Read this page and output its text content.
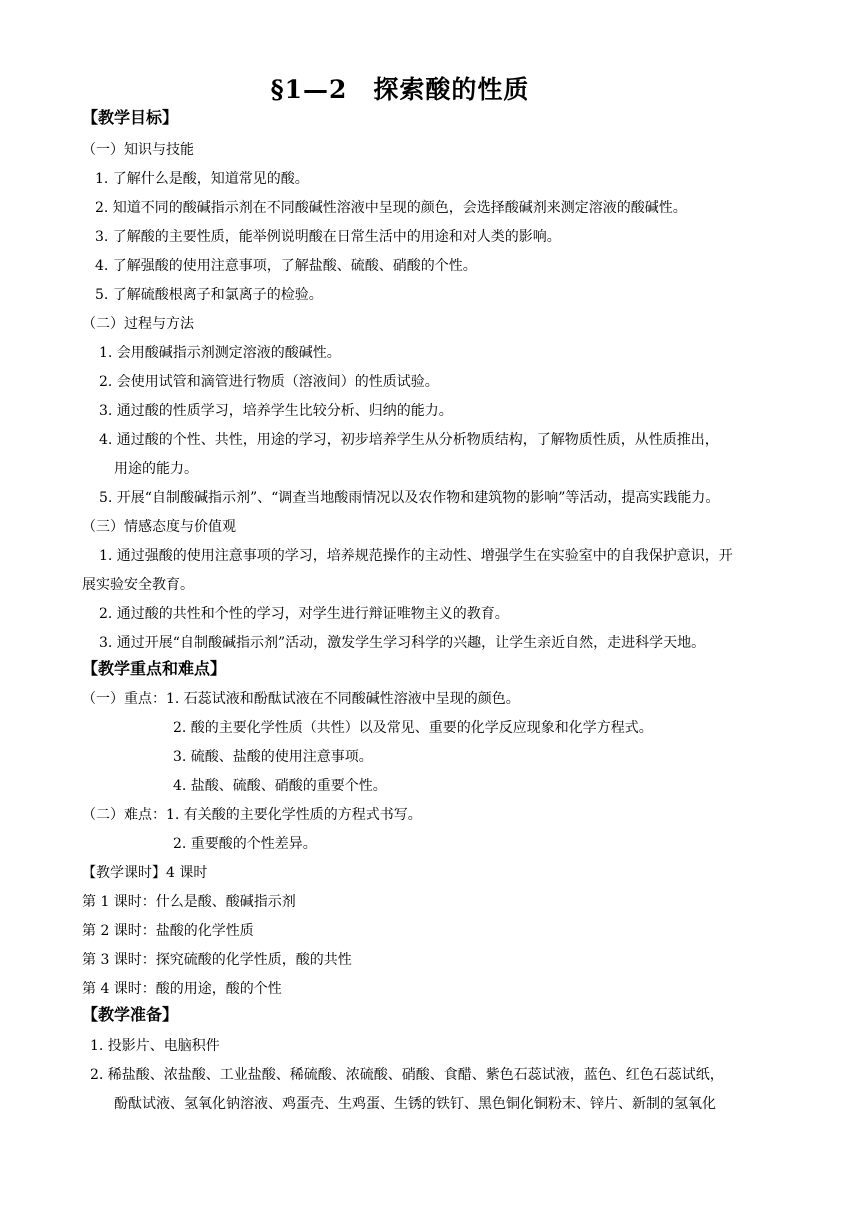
§1—2　探索酸的性质
【教学目标】
（一）知识与技能
1. 了解什么是酸，知道常见的酸。
2. 知道不同的酸碱指示剂在不同酸碱性溶液中呈现的颜色，会选择酸碱剂来测定溶液的酸碱性。
3. 了解酸的主要性质，能举例说明酸在日常生活中的用途和对人类的影响。
4. 了解强酸的使用注意事项，了解盐酸、硫酸、硝酸的个性。
5. 了解硫酸根离子和氯离子的检验。
（二）过程与方法
1. 会用酸碱指示剂测定溶液的酸碱性。
2. 会使用试管和滴管进行物质（溶液间）的性质试验。
3. 通过酸的性质学习，培养学生比较分析、归纳的能力。
4. 通过酸的个性、共性，用途的学习，初步培养学生从分析物质结构，了解物质性质，从性质推出，
用途的能力。
5. 开展“自制酸碱指示剂”、“调查当地酸雨情况以及农作物和建筑物的影响”等活动，提高实践能力。
（三）情感态度与价值观
1. 通过强酸的使用注意事项的学习，培养规范操作的主动性、增强学生在实验室中的自我保护意识，开
展实验安全教育。
2. 通过酸的共性和个性的学习，对学生进行辩证唯物主义的教育。
3. 通过开展“自制酸碱指示剂”活动，激发学生学习科学的兴趣，让学生亲近自然，走进科学天地。
【教学重点和难点】
（一）重点：1. 石蕊试液和酚酞试液在不同酸碱性溶液中呈现的颜色。
2. 酸的主要化学性质（共性）以及常见、重要的化学反应现象和化学方程式。
3. 硫酸、盐酸的使用注意事项。
4. 盐酸、硫酸、硝酸的重要个性。
（二）难点：1. 有关酸的主要化学性质的方程式书写。
2. 重要酸的个性差异。
【教学课时】4 课时
第 1 课时：什么是酸、酸碱指示剂
第 2 课时：盐酸的化学性质
第 3 课时：探究硫酸的化学性质，酸的共性
第 4 课时：酸的用途，酸的个性
【教学准备】
1. 投影片、电脑积件
2. 稀盐酸、浓盐酸、工业盐酸、稀硫酸、浓硫酸、硝酸、食醋、紫色石蕊试液，蓝色、红色石蕊试纸，
酚酞试液、氢氧化钠溶液、鸡蛋壳、生鸡蛋、生锈的铁钉、黑色铜化铜粉末、锌片、新制的氢氧化
